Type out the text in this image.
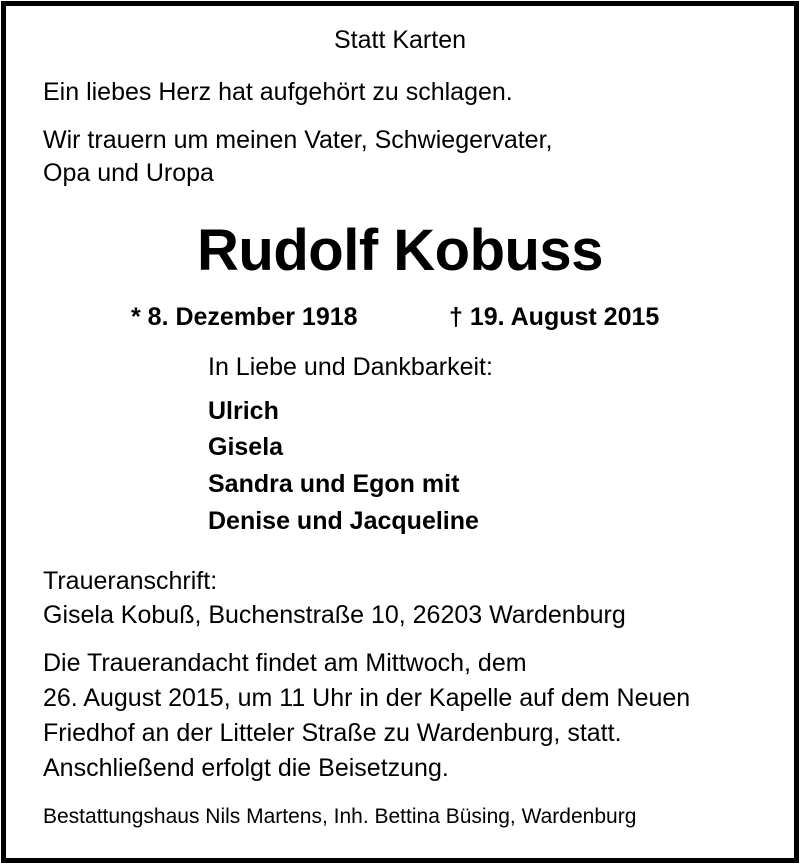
Statt Karten
Ein liebes Herz hat aufgehört zu schlagen.
Wir trauern um meinen Vater, Schwiegervater,
Opa und Uropa
Rudolf Kobuss
* 8. Dezember 1918	† 19. August 2015
In Liebe und Dankbarkeit:
Ulrich
Gisela
Sandra und Egon mit
Denise und Jacqueline
Traueranschrift:
Gisela Kobuß, Buchenstraße 10, 26203 Wardenburg
Die Trauerandacht findet am Mittwoch, dem
26. August 2015, um 11 Uhr in der Kapelle auf dem Neuen
Friedhof an der Litteler Straße zu Wardenburg, statt.
Anschließend erfolgt die Beisetzung.
Bestattungshaus Nils Martens, Inh. Bettina Büsing, Wardenburg
